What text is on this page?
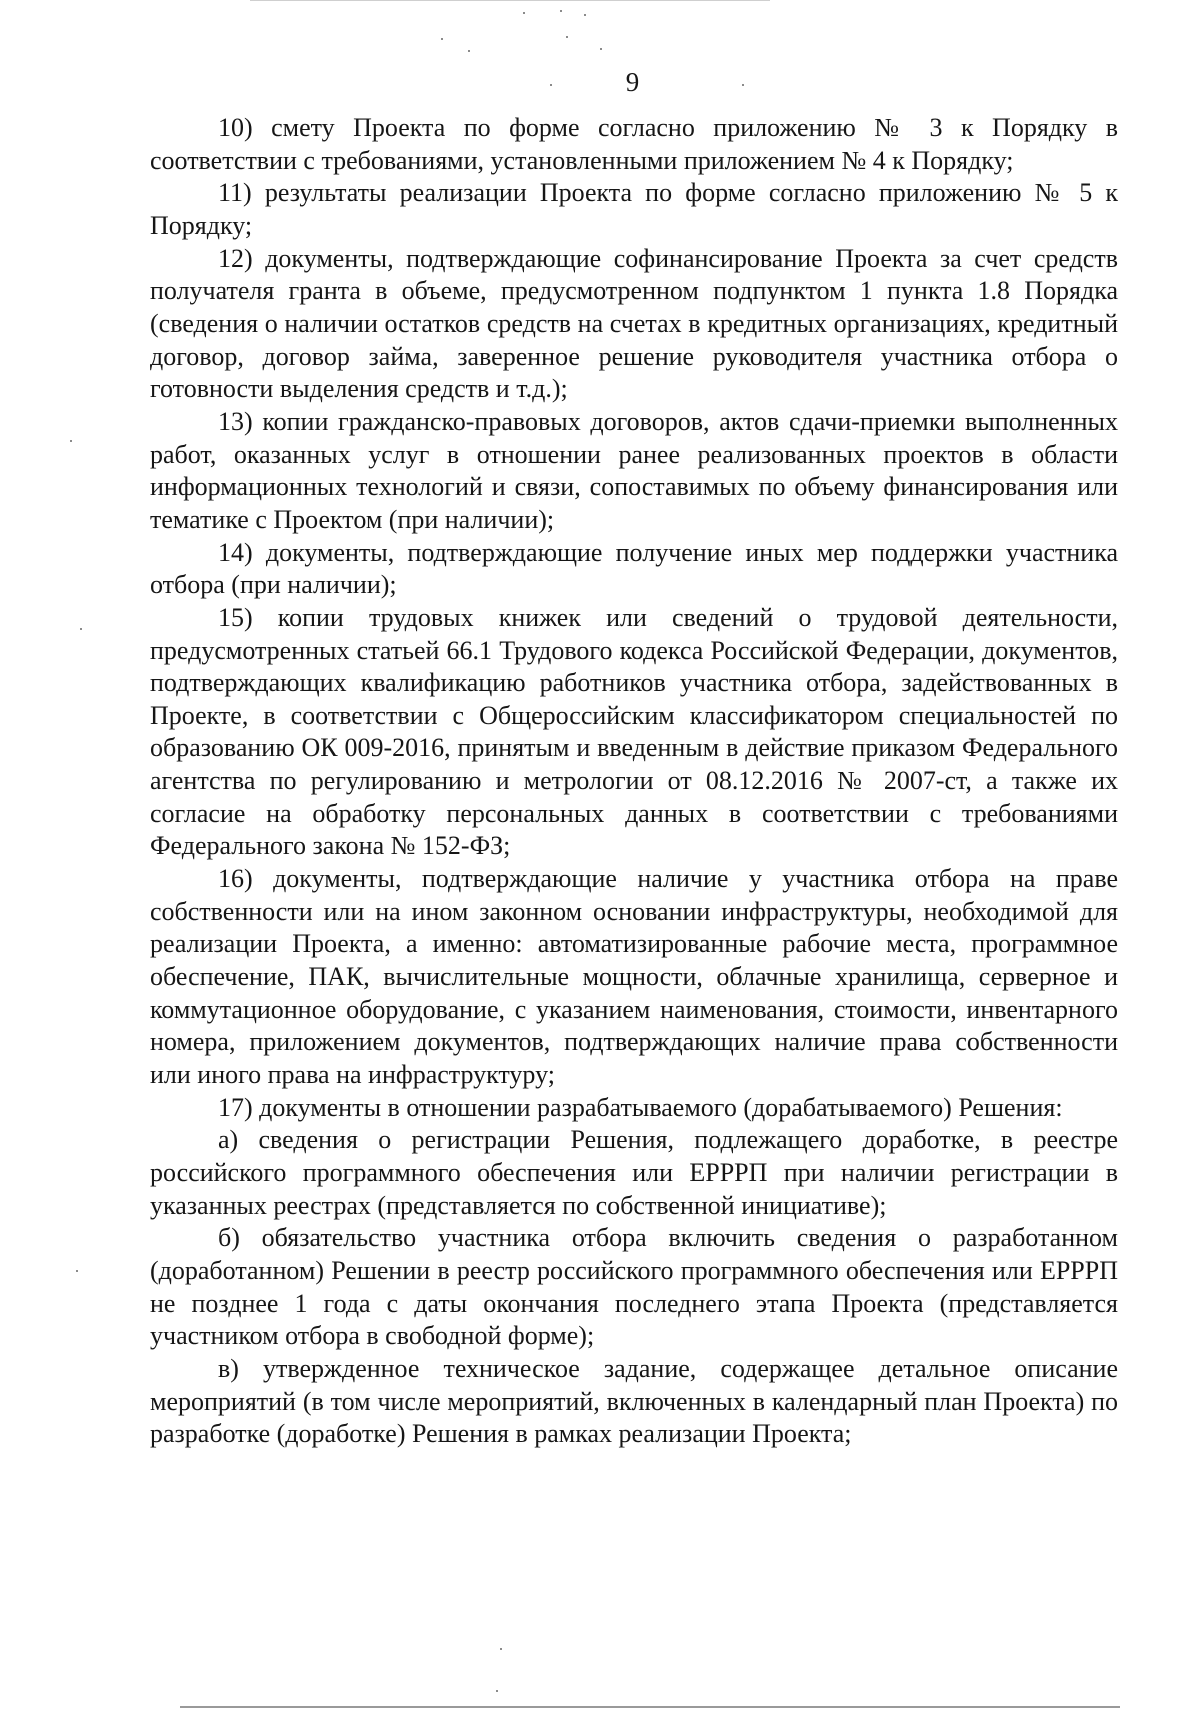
9

10) смету Проекта по форме согласно приложению № 3 к Порядку в соответствии с требованиями, установленными приложением № 4 к Порядку;

11) результаты реализации Проекта по форме согласно приложению № 5 к Порядку;

12) документы, подтверждающие софинансирование Проекта за счет средств получателя гранта в объеме, предусмотренном подпунктом 1 пункта 1.8 Порядка (сведения о наличии остатков средств на счетах в кредитных организациях, кредитный договор, договор займа, заверенное решение руководителя участника отбора о готовности выделения средств и т.д.);

13) копии гражданско-правовых договоров, актов сдачи-приемки выполненных работ, оказанных услуг в отношении ранее реализованных проектов в области информационных технологий и связи, сопоставимых по объему финансирования или тематике с Проектом (при наличии);

14) документы, подтверждающие получение иных мер поддержки участника отбора (при наличии);

15) копии трудовых книжек или сведений о трудовой деятельности, предусмотренных статьей 66.1 Трудового кодекса Российской Федерации, документов, подтверждающих квалификацию работников участника отбора, задействованных в Проекте, в соответствии с Общероссийским классификатором специальностей по образованию ОК 009-2016, принятым и введенным в действие приказом Федерального агентства по регулированию и метрологии от 08.12.2016 № 2007-ст, а также их согласие на обработку персональных данных в соответствии с требованиями Федерального закона № 152-ФЗ;

16) документы, подтверждающие наличие у участника отбора на праве собственности или на ином законном основании инфраструктуры, необходимой для реализации Проекта, а именно: автоматизированные рабочие места, программное обеспечение, ПАК, вычислительные мощности, облачные хранилища, серверное и коммутационное оборудование, с указанием наименования, стоимости, инвентарного номера, приложением документов, подтверждающих наличие права собственности или иного права на инфраструктуру;

17) документы в отношении разрабатываемого (дорабатываемого) Решения:

а) сведения о регистрации Решения, подлежащего доработке, в реестре российского программного обеспечения или ЕРРРП при наличии регистрации в указанных реестрах (представляется по собственной инициативе);

б) обязательство участника отбора включить сведения о разработанном (доработанном) Решении в реестр российского программного обеспечения или ЕРРРП не позднее 1 года с даты окончания последнего этапа Проекта (представляется участником отбора в свободной форме);

в) утвержденное техническое задание, содержащее детальное описание мероприятий (в том числе мероприятий, включенных в календарный план Проекта) по разработке (доработке) Решения в рамках реализации Проекта;
